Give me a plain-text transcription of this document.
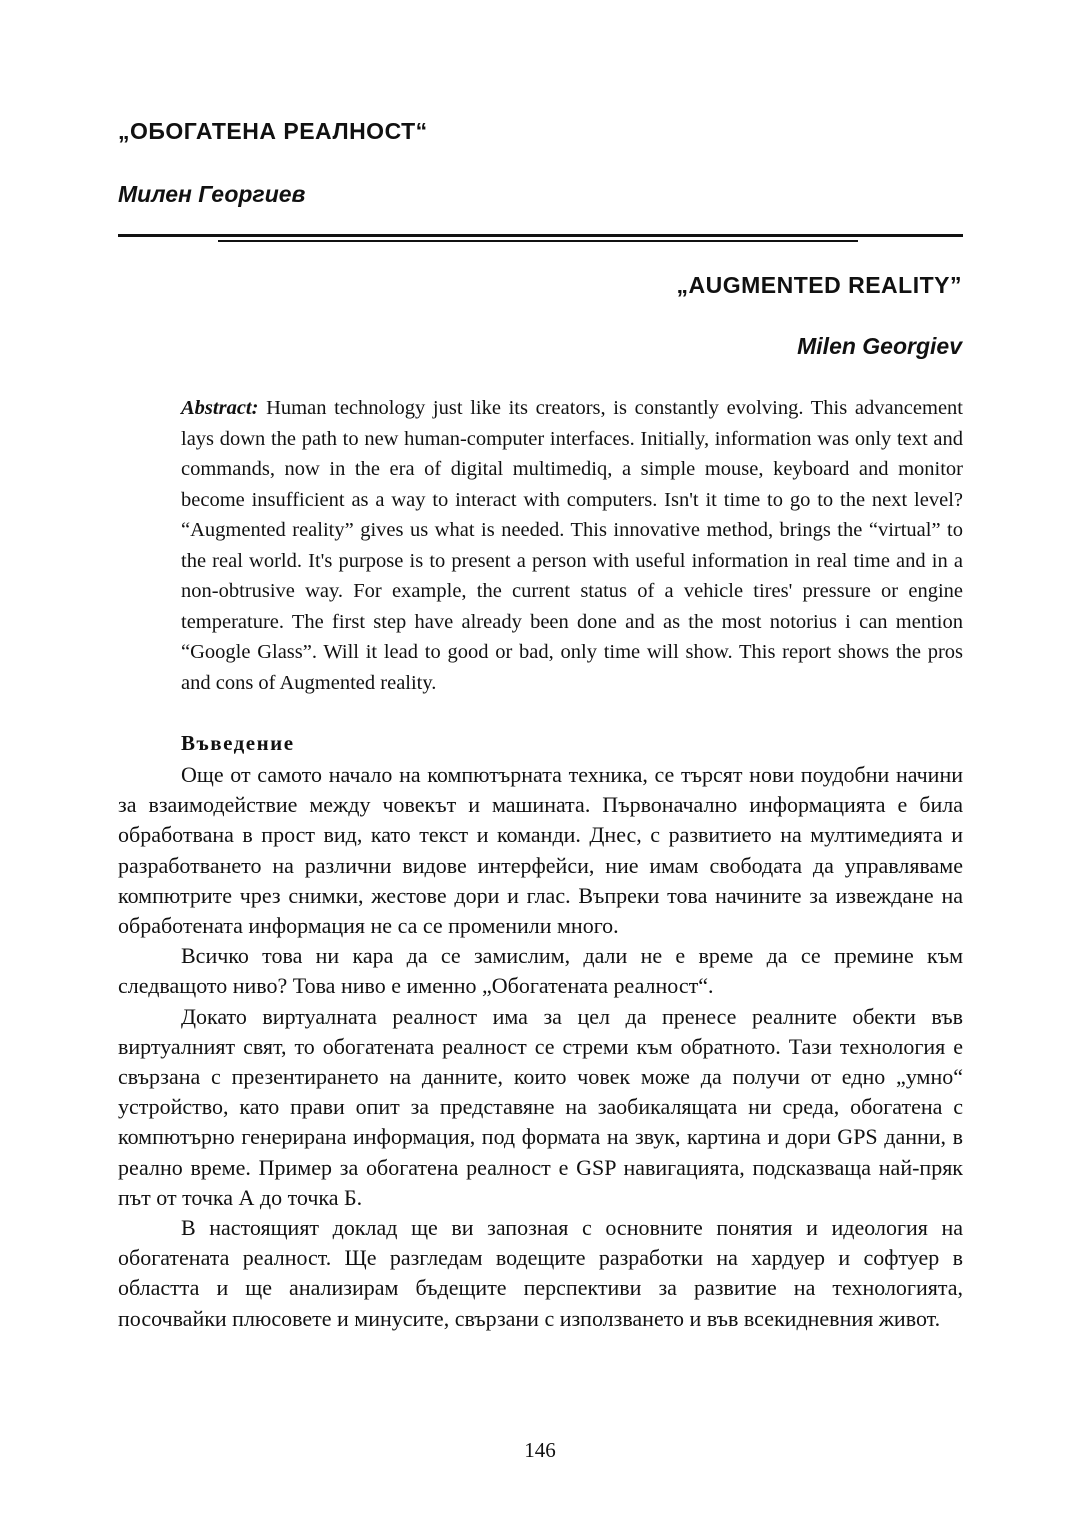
„ОБОГАТЕНА РЕАЛНОСТ“
Милен Георгиев
„AUGMENTED REALITY”
Milen Georgiev

Abstract: Human technology just like its creators, is constantly evolving. This advancement lays down the path to new human-computer interfaces. Initially, information was only text and commands, now in the era of digital multimediq, a simple mouse, keyboard and monitor become insufficient as a way to interact with computers. Isn't it time to go to the next level? “Augmented reality” gives us what is needed. This innovative method, brings the “virtual” to the real world. It's purpose is to present a person with useful information in real time and in a non-obtrusive way. For example, the current status of a vehicle tires' pressure or engine temperature. The first step have already been done and as the most notorius i can mention “Google Glass”. Will it lead to good or bad, only time will show. This report shows the pros and cons of Augmented reality.

Въведение

Още от самото начало на компютърната техника, се търсят нови поудобни начини за взаимодействие между човекът и машината. Първоначално информацията е била обработвана в прост вид, като текст и команди. Днес, с развитието на мултимедията и разработването на различни видове интерфейси, ние имам свободата да управляваме компютрите чрез снимки, жестове дори и глас. Въпреки това начините за извеждане на обработената информация не са се променили много.

Всичко това ни кара да се замислим, дали не е време да се премине към следващото ниво? Това ниво е именно „Обогатената реалност“.

Докато виртуалната реалност има за цел да пренесе реалните обекти във виртуалният свят, то обогатената реалност се стреми към обратното. Тази технология е свързана с презентирането на данните, които човек може да получи от едно „умно“ устройство, като прави опит за представяне на заобикалящата ни среда, обогатена с компютърно генерирана информация, под формата на звук, картина и дори GPS данни, в реално време. Пример за обогатена реалност е GSP навигацията, подсказваща най-пряк път от точка А до точка Б.

В настоящият доклад ще ви запозная с основните понятия и идеология на обогатената реалност. Ще разгледам водещите разработки на хардуер и софтуер в областта и ще анализирам бъдещите перспективи за развитие на технологията, посочвайки плюсовете и минусите, свързани с използването и във всекидневния живот.

146
